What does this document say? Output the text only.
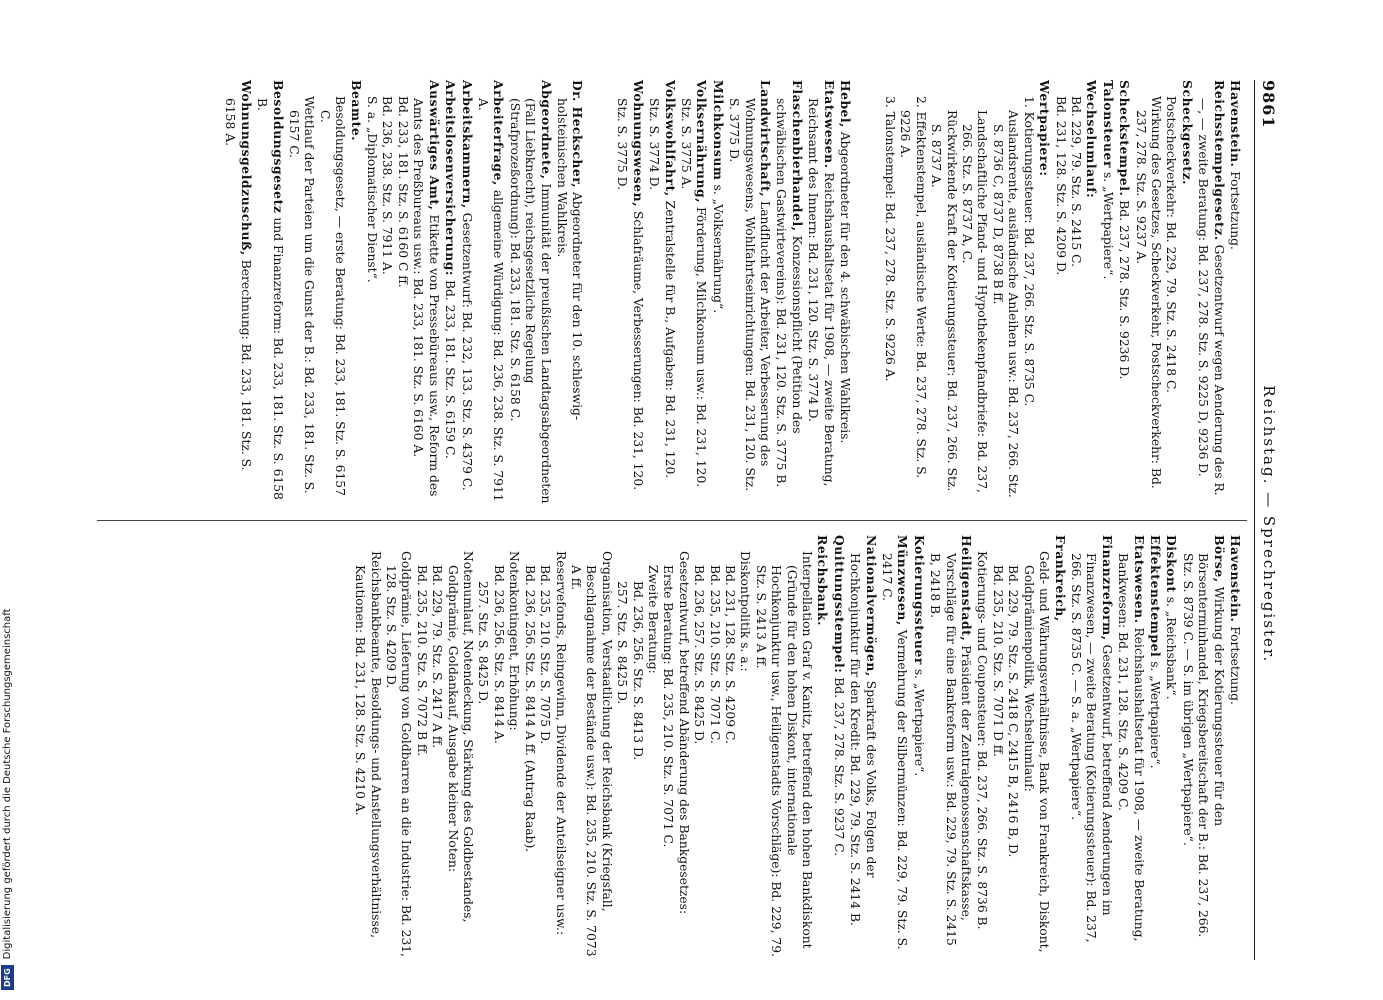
DFG
Digitalisierung gefördert durch die Deutsche Forschungsgemeinschaft
9861
Reichstag. — Sprechregister.

Havenstein. Fortsetzung.

Reichsstempelgesetz. Gesetzentwurf wegen Aenderung des R.—, — zweite Beratung: Bd. 237, 278. Stz. S. 9225 D, 9236 D.

Scheckgesetz.

Postscheckverkehr: Bd. 229, 79. Stz. S. 2418 C.

Wirkung des Gesetzes, Scheckverkehr, Postscheckverkehr: Bd. 237, 278. Stz. S. 9237 A.

Scheckstempel. Bd. 237, 278. Stz. S. 9236 D.

Talonsteuer s. „Wertpapiere“.

Wechselumlauf:

Bd. 229, 79. Stz. S. 2415 C.

Bd. 231, 128. Stz. S. 4209 D.

Wertpapiere:

1. Kotierungssteuer: Bd. 237, 266. Stz. S. 8735 C.

Auslandsrente, ausländische Anleihen usw.: Bd. 237, 266. Stz. S. 8736 C, 8737 D, 8738 B ff.

Landschaftliche Pfand- und Hypothekenpfandbriefe: Bd. 237, 266. Stz. S. 8737 A, C.

Rückwirkende Kraft der Kotierungssteuer: Bd. 237, 266. Stz. S. 8737 A.

2. Effektenstempel, ausländische Werte: Bd. 237, 278. Stz. S. 9226 A.

3. Talonstempel: Bd. 237, 278. Stz. S. 9226 A.

Hebel, Abgeordneter für den 4. schwäbischen Wahlkreis.

Etatswesen. Reichshaushaltsetat für 1908, — zweite Beratung, Reichsamt des Innern: Bd. 231, 120. Stz. S. 3774 D.

Flaschenbierhandel, Konzessionspflicht (Petition des schwäbischen Gastwirtevereins): Bd. 231, 120. Stz. S. 3775 B.

Landwirtschaft, Landflucht der Arbeiter, Verbesserung des Wohnungswesens, Wohlfahrtseinrichtungen: Bd. 231, 120. Stz. S. 3775 D.

Milchkonsum s. „Volksernährung“.

Volksernährung, Förderung, Milchkonsum usw.: Bd. 231, 120. Stz. S. 3775 A.

Volkswohlfahrt, Zentralstelle für B., Aufgaben: Bd. 231, 120. Stz. S. 3774 D.

Wohnungswesen, Schlafräume, Verbesserungen: Bd. 231, 120. Stz. S. 3775 D.

Dr. Heckscher, Abgeordneter für den 10. schleswig-holsteinischen Wahlkreis.

Abgeordnete, Immunität der preußischen Landtagsabgeordneten (Fall Liebknecht), reichsgesetzliche Regelung (Strafprozeßordnung): Bd. 233, 181. Stz. S. 6158 C.

Arbeiterfrage, allgemeine Würdigung: Bd. 236, 238. Stz. S. 7911 A.

Arbeitskammern, Gesetzentwurf: Bd. 232, 133. Stz. S. 4379 C.

Arbeitslosenversicherung: Bd. 233, 181. Stz. S. 6159 C.

Auswärtiges Amt, Etikette von Pressebüreaus usw., Reform des Amts des Preßbureaus usw.: Bd. 233, 181. Stz. S. 6160 A.

Bd. 233, 181. Stz. S. 6160 C ff.

Bd. 236, 238. Stz. S. 7911 A.

S. a. „Diplomatischer Dienst“.

Beamte.

Besoldungsgesetz, — erste Beratung: Bd. 233, 181. Stz. S. 6157 C.

Wettlauf der Parteien um die Gunst der B.: Bd. 233, 181. Stz. S. 6157 C.

Besoldungsgesetz und Finanzreform: Bd. 233, 181. Stz. S. 6158 B.

Wohnungsgeldzuschuß, Berechnung: Bd. 233, 181. Stz. S. 6158 A.

Havenstein. Fortsetzung.

Börse, Wirkung der Kotierungssteuer für den Börsenterminhandel, Kriegsbereitschaft der B.: Bd. 237, 266. Stz. S. 8739 C. — S. im übrigen „Wertpapiere“.

Diskont s. „Reichsbank“.

Effektenstempel s. „Wertpapiere“.

Etatswesen. Reichshaushaltsetat für 1908, — zweite Beratung, Bankwesen: Bd. 231, 128. Stz. S. 4209 C.

Finanzreform, Gesetzentwurf, betreffend Aenderungen im Finanzwesen, — zweite Beratung (Kotierungssteuer): Bd. 237, 266. Stz. S. 8735 C. — S. a. „Wertpapiere“.

Frankreich,

Geld- und Währungsverhältnisse, Bank von Frankreich, Diskont, Goldprämienpolitik, Wechselumlauf:

Bd. 229, 79. Stz. S. 2418 C, 2415 B, 2416 B, D.

Bd. 235, 210. Stz. S. 7071 D ff.

Kotierungs- und Couponsteuer: Bd. 237, 266. Stz. S. 8736 B.

Heiligenstadt, Präsident der Zentralgenossenschaftskasse, Vorschläge für eine Bankreform usw.: Bd. 229, 79. Stz. S. 2415 B, 2418 B.

Kotierungssteuer s. „Wertpapiere“.

Münzwesen, Vermehrung der Silbermünzen: Bd. 229, 79. Stz. S. 2417 C.

Nationalvermögen, Sparkraft des Volks, Folgen der Hochkonjunktur für den Kredit: Bd. 229, 79. Stz. S. 2414 B.

Quittungsstempel: Bd. 237, 278. Stz. S. 9237 C.

Reichsbank.

Interpellation Graf v. Kanitz, betreffend den hohen Bankdiskont (Gründe für den hohen Diskont, internationale Hochkonjunktur usw., Heiligenstadts Vorschläge): Bd. 229, 79. Stz. S. 2413 A ff.

Diskontpolitik s. a.:

Bd. 231, 128. Stz. S. 4209 C.

Bd. 235, 210. Stz. S. 7071 C.

Bd. 236, 257. Stz. S. 8425 D.

Gesetzentwurf, betreffend Abänderung des Bankgesetzes:

Erste Beratung: Bd. 235, 210. Stz. S. 7071 C.

Zweite Beratung:

Bd. 236, 256. Stz. S. 8413 D.

257. Stz. S. 8425 D.

Organisation, Verstaatlichung der Reichsbank (Kriegsfall, Beschlagnahme der Bestände usw.): Bd. 235, 210. Stz. S. 7073 A ff.

Reservefonds, Reingewinn, Dividende der Anteilseigner usw.:

Bd. 235, 210. Stz. S. 7075 D.

Bd. 236, 256. Stz. S. 8414 A ff. (Antrag Raab).

Notenkontingent, Erhöhung:

Bd. 236, 256. Stz. S. 8414 A.

257. Stz. S. 8425 D.

Notenumlauf, Notendeckung, Stärkung des Goldbestandes, Goldprämie, Goldankauf, Ausgabe kleiner Noten:

Bd. 229, 79. Stz. S. 2417 A ff.

Bd. 235, 210. Stz. S. 7072 B ff.

Goldprämie, Lieferung von Goldbarren an die Industrie: Bd. 231, 128. Stz. S. 4209 D.

Reichsbankbeamte, Besoldungs- und Anstellungsverhältnisse, Kautionen: Bd. 231, 128. Stz. S. 4210 A.
